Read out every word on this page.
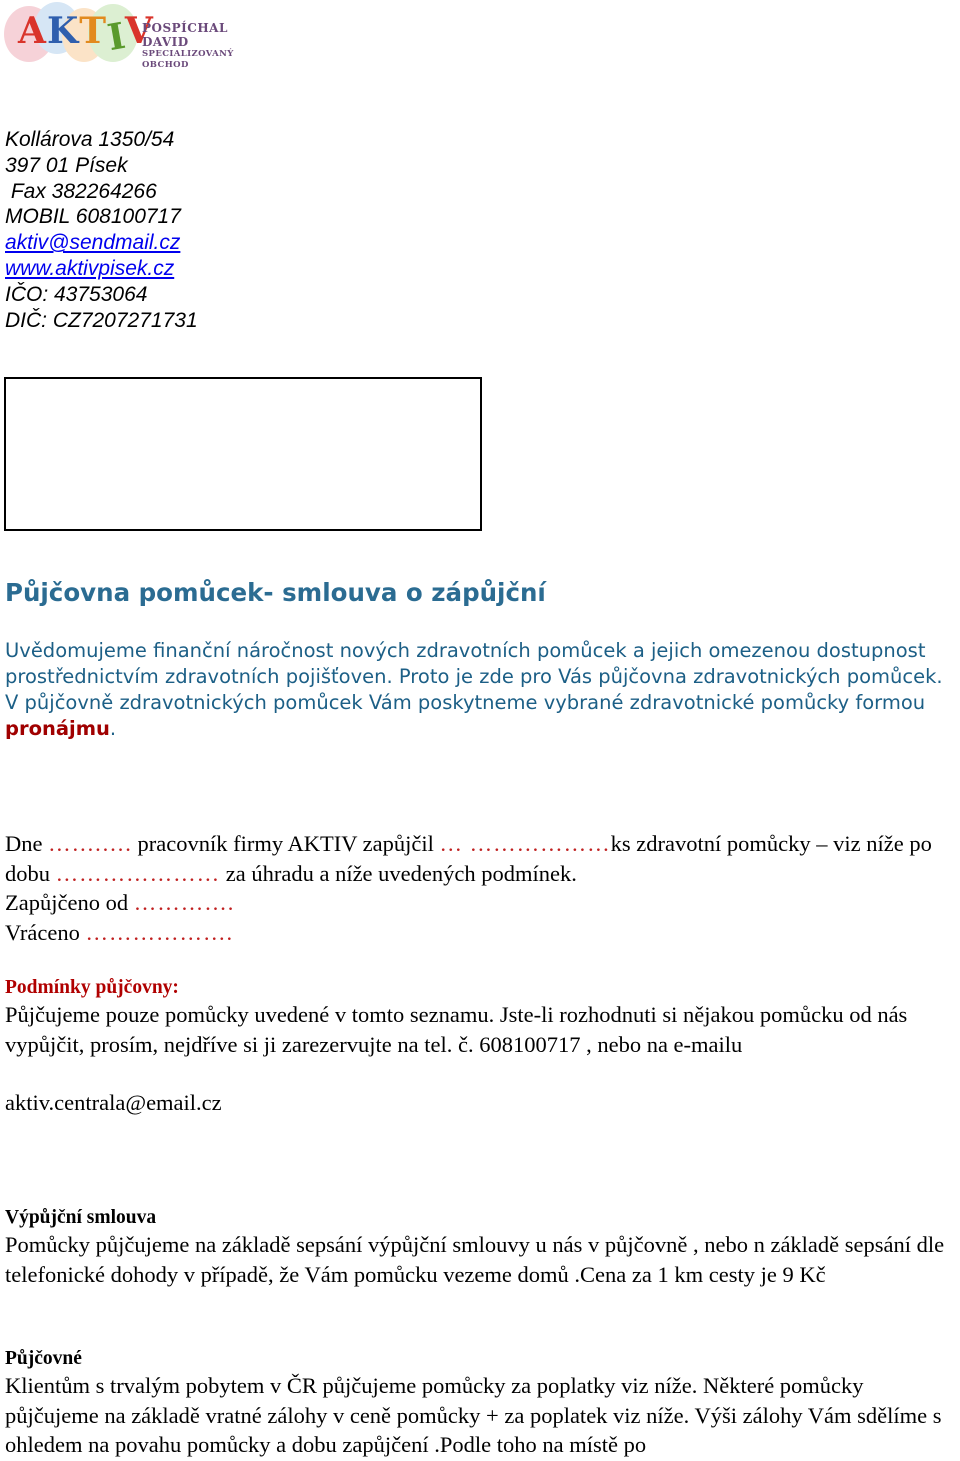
A K T
I
V
POSPÍCHAL DAVID
SPECIALIZOVANÝ OBCHOD
Kollárova 1350/54
397 01 Písek
Fax 382264266
MOBIL 608100717
aktiv@sendmail.cz
www.aktivpisek.cz
IČO: 43753064
DIČ: CZ7207271731
Půjčovna pomůcek- smlouva o zápůjční
Uvědomujeme finanční náročnost nových zdravotních pomůcek a jejich omezenou dostupnost prostřednictvím zdravotních pojišťoven. Proto je zde pro Vás půjčovna zdravotnických pomůcek. V půjčovně zdravotnických pomůcek Vám poskytneme vybrané zdravotnické pomůcky formou pronájmu.
Dne …….…. pracovník firmy AKTIV zapůjčil … ………………ks zdravotní pomůcky – viz níže po dobu ………………… za úhradu a níže uvedených podmínek.
Zapůjčeno od ………….
Vráceno ……………….
Podmínky půjčovny:
Půjčujeme pouze pomůcky uvedené v tomto seznamu. Jste-li rozhodnuti si nějakou pomůcku od nás vypůjčit, prosím, nejdříve si ji zarezervujte na tel. č. 608100717 , nebo na e-mailu
aktiv.centrala@email.cz
Výpůjční smlouva
Pomůcky půjčujeme na základě sepsání výpůjční smlouvy u nás v půjčovně , nebo n základě sepsání dle telefonické dohody v případě, že Vám pomůcku vezeme domů .Cena za 1 km cesty je 9 Kč
Půjčovné
Klientům s trvalým pobytem v ČR půjčujeme pomůcky za poplatky viz níže. Některé pomůcky půjčujeme na základě vratné zálohy v ceně pomůcky + za poplatek viz níže. Výši zálohy Vám sdělíme s ohledem na povahu pomůcky a dobu zapůjčení .Podle toho na místě po
